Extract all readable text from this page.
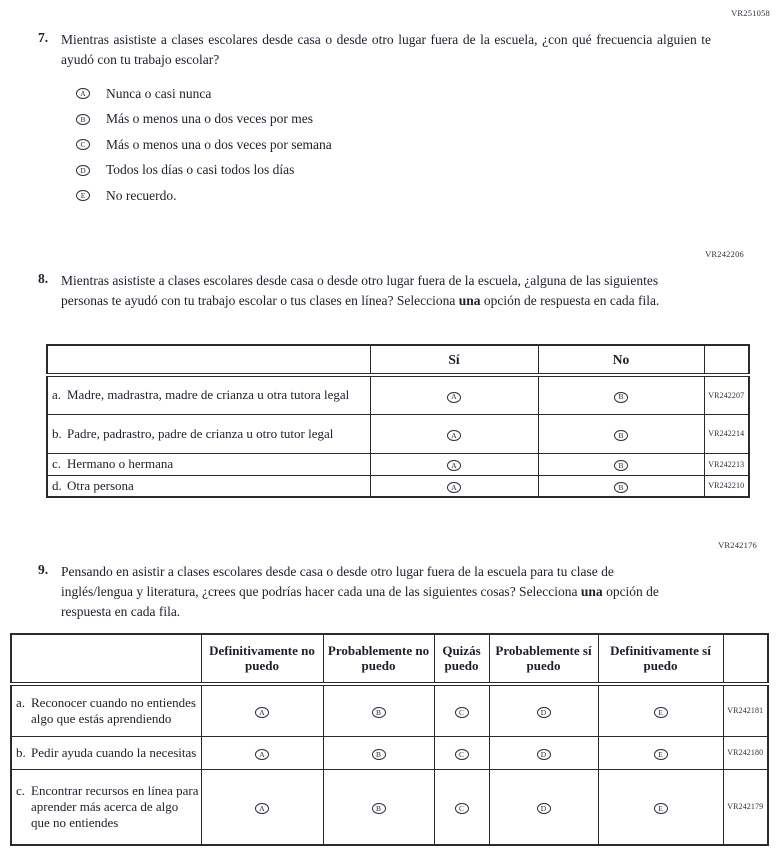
VR251058
7. Mientras asististe a clases escolares desde casa o desde otro lugar fuera de la escuela, ¿con qué frecuencia alguien te ayudó con tu trabajo escolar?
A	Nunca o casi nunca
B	Más o menos una o dos veces por mes
C	Más o menos una o dos veces por semana
D	Todos los días o casi todos los días
E	No recuerdo.
VR242206
8. Mientras asististe a clases escolares desde casa o desde otro lugar fuera de la escuela, ¿alguna de las siguientes personas te ayudó con tu trabajo escolar o tus clases en línea? Selecciona una opción de respuesta en cada fila.
	Sí	No	

a. Madre, madrastra, madre de crianza u otra tutora legal	A	B	VR242207

b. Padre, padrastro, padre de crianza u otro tutor legal	A	B	VR242214

c. Hermano o hermana	A	B	VR242213

d. Otra persona	A	B	VR242210
VR242176
9. Pensando en asistir a clases escolares desde casa o desde otro lugar fuera de la escuela para tu clase de inglés/lengua y literatura, ¿crees que podrías hacer cada una de las siguientes cosas? Selecciona una opción de respuesta en cada fila.
	Definitivamente no puedo	Probablemente no puedo	Quizás puedo	Probablemente sí puedo	Definitivamente sí puedo	

a. Reconocer cuando no entiendes algo que estás aprendiendo	A	B	C	D	E	VR242181

b. Pedir ayuda cuando la necesitas	A	B	C	D	E	VR242180

c. Encontrar recursos en línea para aprender más acerca de algo que no entiendes	A	B	C	D	E	VR242179
